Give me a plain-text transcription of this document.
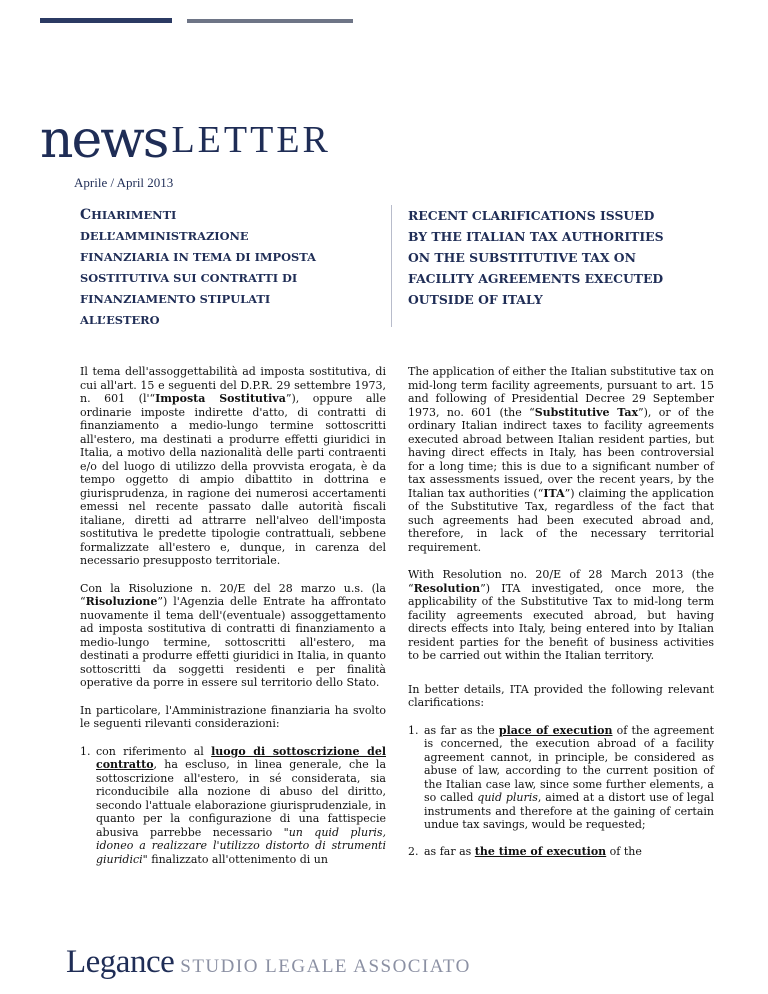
news LETTER
Aprile / April 2013
CHIARIMENTI
DELL’AMMINISTRAZIONE
FINANZIARIA IN TEMA DI IMPOSTA
SOSTITUTIVA SUI CONTRATTI DI
FINANZIAMENTO STIPULATI
ALL’ESTERO
RECENT CLARIFICATIONS ISSUED
BY THE ITALIAN TAX AUTHORITIES
ON THE SUBSTITUTIVE TAX ON
FACILITY AGREEMENTS EXECUTED
OUTSIDE OF ITALY

Il tema dell'assoggettabilità ad imposta sostitutiva, di cui all'art. 15 e seguenti del D.P.R. 29 settembre 1973, n. 601 (l'“Imposta Sostitutiva”), oppure alle ordinarie imposte indirette d'atto, di contratti di finanziamento a medio-lungo termine sottoscritti all'estero, ma destinati a produrre effetti giuridici in Italia, a motivo della nazionalità delle parti contraenti e/o del luogo di utilizzo della provvista erogata, è da tempo oggetto di ampio dibattito in dottrina e giurisprudenza, in ragione dei numerosi accertamenti emessi nel recente passato dalle autorità fiscali italiane, diretti ad attrarre nell'alveo dell'imposta sostitutiva le predette tipologie contrattuali, sebbene formalizzate all'estero e, dunque, in carenza del necessario presupposto territoriale.

Con la Risoluzione n. 20/E del 28 marzo u.s. (la “Risoluzione”) l'Agenzia delle Entrate ha affrontato nuovamente il tema dell'(eventuale) assoggettamento ad imposta sostitutiva di contratti di finanziamento a medio-lungo termine, sottoscritti all'estero, ma destinati a produrre effetti giuridici in Italia, in quanto sottoscritti da soggetti residenti e per finalità operative da porre in essere sul territorio dello Stato.

In particolare, l'Amministrazione finanziaria ha svolto le seguenti rilevanti considerazioni:

1. con riferimento al luogo di sottoscrizione del contratto, ha escluso, in linea generale, che la sottoscrizione all'estero, in sé considerata, sia riconducibile alla nozione di abuso del diritto, secondo l'attuale elaborazione giurisprudenziale, in quanto per la configurazione di una fattispecie abusiva parrebbe necessario "un quid pluris, idoneo a realizzare l'utilizzo distorto di strumenti giuridici" finalizzato all'ottenimento di un

The application of either the Italian substitutive tax on mid-long term facility agreements, pursuant to art. 15 and following of Presidential Decree 29 September 1973, no. 601 (the “Substitutive Tax”), or of the ordinary Italian indirect taxes to facility agreements executed abroad between Italian resident parties, but having direct effects in Italy, has been controversial for a long time; this is due to a significant number of tax assessments issued, over the recent years, by the Italian tax authorities (“ITA”) claiming the application of the Substitutive Tax, regardless of the fact that such agreements had been executed abroad and, therefore, in lack of the necessary territorial requirement.

With Resolution no. 20/E of 28 March 2013 (the “Resolution”) ITA investigated, once more, the applicability of the Substitutive Tax to mid-long term facility agreements executed abroad, but having directs effects into Italy, being entered into by Italian resident parties for the benefit of business activities to be carried out within the Italian territory.

In better details, ITA provided the following relevant clarifications:

1. as far as the place of execution of the agreement is concerned, the execution abroad of a facility agreement cannot, in principle, be considered as abuse of law, according to the current position of the Italian case law, since some further elements, a so called quid pluris, aimed at a distort use of legal instruments and therefore at the gaining of certain undue tax savings, would be requested;
2. as far as the time of execution of the
Legance STUDIO LEGALE ASSOCIATO
